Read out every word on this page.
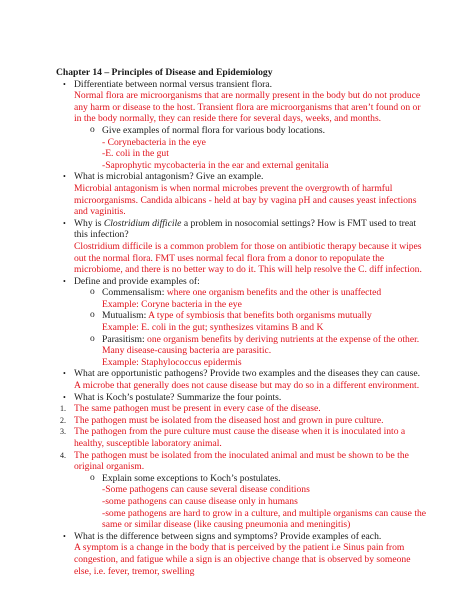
Chapter 14 – Principles of Disease and Epidemiology
• Differentiate between normal versus transient flora.
Normal flora are microorganisms that are normally present in the body but do not produce any harm or disease to the host. Transient flora are microorganisms that aren’t found on or in the body normally, they can reside there for several days, weeks, and months.
o Give examples of normal flora for various body locations.
- Corynebacteria in the eye
-E. coli in the gut
-Saprophytic mycobacteria in the ear and external genitalia
• What is microbial antagonism? Give an example.
Microbial antagonism is when normal microbes prevent the overgrowth of harmful microorganisms. Candida albicans - held at bay by vagina pH and causes yeast infections and vaginitis.
• Why is Clostridium difficile a problem in nosocomial settings? How is FMT used to treat this infection?
Clostridium difficile is a common problem for those on antibiotic therapy because it wipes out the normal flora. FMT uses normal fecal flora from a donor to repopulate the microbiome, and there is no better way to do it. This will help resolve the C. diff infection.
• Define and provide examples of:
o Commensalism: where one organism benefits and the other is unaffected
Example: Coryne bacteria in the eye
o Mutualism: A type of symbiosis that benefits both organisms mutually
Example: E. coli in the gut; synthesizes vitamins B and K
o Parasitism: one organism benefits by deriving nutrients at the expense of the other. Many disease-causing bacteria are parasitic.
Example: Staphylococcus epidermis
• What are opportunistic pathogens? Provide two examples and the diseases they can cause.
A microbe that generally does not cause disease but may do so in a different environment.
• What is Koch’s postulate? Summarize the four points.
1. The same pathogen must be present in every case of the disease.
2. The pathogen must be isolated from the diseased host and grown in pure culture.
3. The pathogen from the pure culture must cause the disease when it is inoculated into a healthy, susceptible laboratory animal.
4. The pathogen must be isolated from the inoculated animal and must be shown to be the original organism.
o Explain some exceptions to Koch’s postulates.
-Some pathogens can cause several disease conditions
-some pathogens can cause disease only in humans
-some pathogens are hard to grow in a culture, and multiple organisms can cause the same or similar disease (like causing pneumonia and meningitis)
• What is the difference between signs and symptoms? Provide examples of each.
A symptom is a change in the body that is perceived by the patient i.e Sinus pain from congestion, and fatigue while a sign is an objective change that is observed by someone else, i.e. fever, tremor, swelling
